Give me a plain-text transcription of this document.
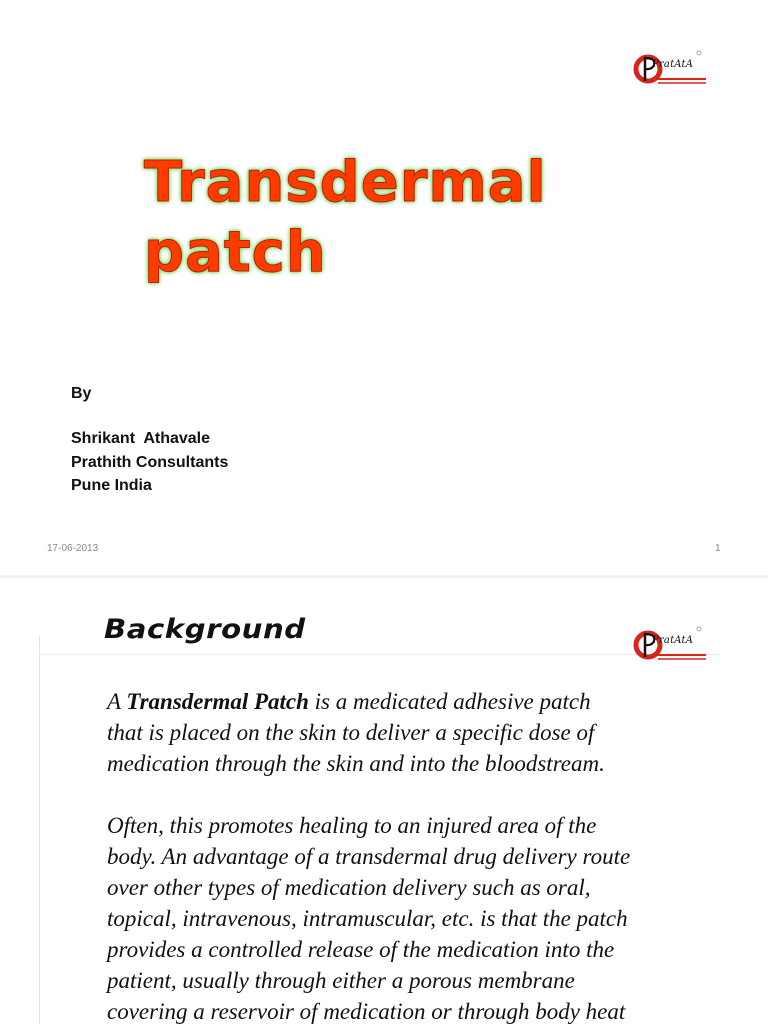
PratAtA
Transdermal
patch
By
Shrikant  Athavale
Prathith Consultants
Pune India
17-06-2013	1
Background	PratAtA
A Transdermal Patch is a medicated adhesive patch
that is placed on the skin to deliver a specific dose of
medication through the skin and into the bloodstream.
Often, this promotes healing to an injured area of the
body. An advantage of a transdermal drug delivery route
over other types of medication delivery such as oral,
topical, intravenous, intramuscular, etc. is that the patch
provides a controlled release of the medication into the
patient, usually through either a porous membrane
covering a reservoir of medication or through body heat
